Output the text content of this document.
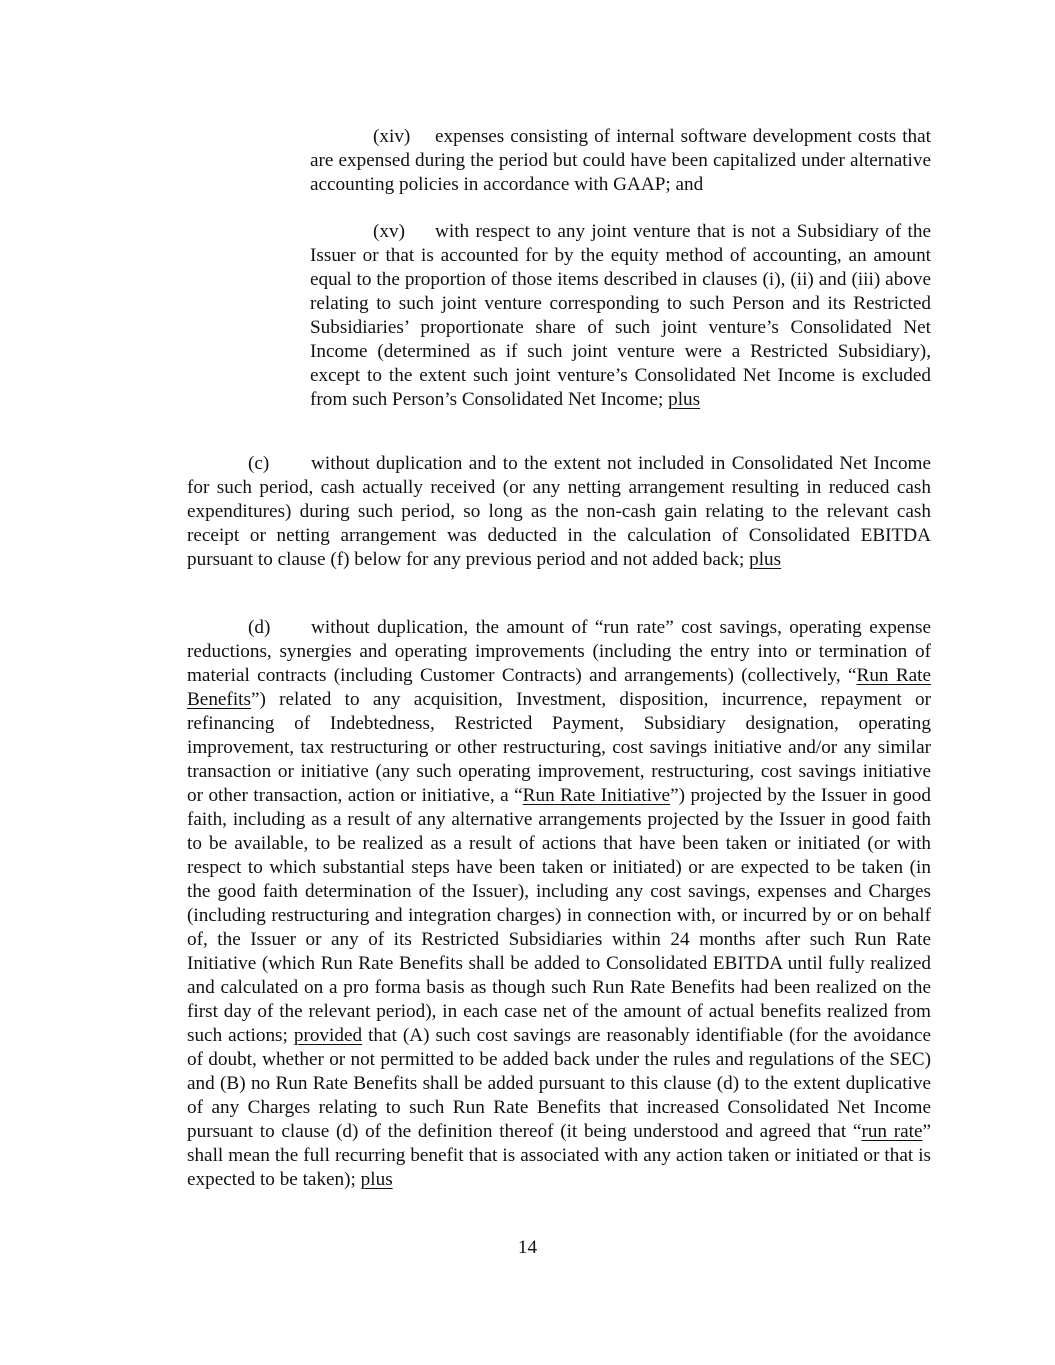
(xiv) expenses consisting of internal software development costs that are expensed during the period but could have been capitalized under alternative accounting policies in accordance with GAAP; and

(xv) with respect to any joint venture that is not a Subsidiary of the Issuer or that is accounted for by the equity method of accounting, an amount equal to the proportion of those items described in clauses (i), (ii) and (iii) above relating to such joint venture corresponding to such Person and its Restricted Subsidiaries’ proportionate share of such joint venture’s Consolidated Net Income (determined as if such joint venture were a Restricted Subsidiary), except to the extent such joint venture’s Consolidated Net Income is excluded from such Person’s Consolidated Net Income; plus

(c) without duplication and to the extent not included in Consolidated Net Income for such period, cash actually received (or any netting arrangement resulting in reduced cash expenditures) during such period, so long as the non-cash gain relating to the relevant cash receipt or netting arrangement was deducted in the calculation of Consolidated EBITDA pursuant to clause (f) below for any previous period and not added back; plus

(d) without duplication, the amount of “run rate” cost savings, operating expense reductions, synergies and operating improvements (including the entry into or termination of material contracts (including Customer Contracts) and arrangements) (collectively, “Run Rate Benefits”) related to any acquisition, Investment, disposition, incurrence, repayment or refinancing of Indebtedness, Restricted Payment, Subsidiary designation, operating improvement, tax restructuring or other restructuring, cost savings initiative and/or any similar transaction or initiative (any such operating improvement, restructuring, cost savings initiative or other transaction, action or initiative, a “Run Rate Initiative”) projected by the Issuer in good faith, including as a result of any alternative arrangements projected by the Issuer in good faith to be available, to be realized as a result of actions that have been taken or initiated (or with respect to which substantial steps have been taken or initiated) or are expected to be taken (in the good faith determination of the Issuer), including any cost savings, expenses and Charges (including restructuring and integration charges) in connection with, or incurred by or on behalf of, the Issuer or any of its Restricted Subsidiaries within 24 months after such Run Rate Initiative (which Run Rate Benefits shall be added to Consolidated EBITDA until fully realized and calculated on a pro forma basis as though such Run Rate Benefits had been realized on the first day of the relevant period), in each case net of the amount of actual benefits realized from such actions; provided that (A) such cost savings are reasonably identifiable (for the avoidance of doubt, whether or not permitted to be added back under the rules and regulations of the SEC) and (B) no Run Rate Benefits shall be added pursuant to this clause (d) to the extent duplicative of any Charges relating to such Run Rate Benefits that increased Consolidated Net Income pursuant to clause (d) of the definition thereof (it being understood and agreed that “run rate” shall mean the full recurring benefit that is associated with any action taken or initiated or that is expected to be taken); plus

14
